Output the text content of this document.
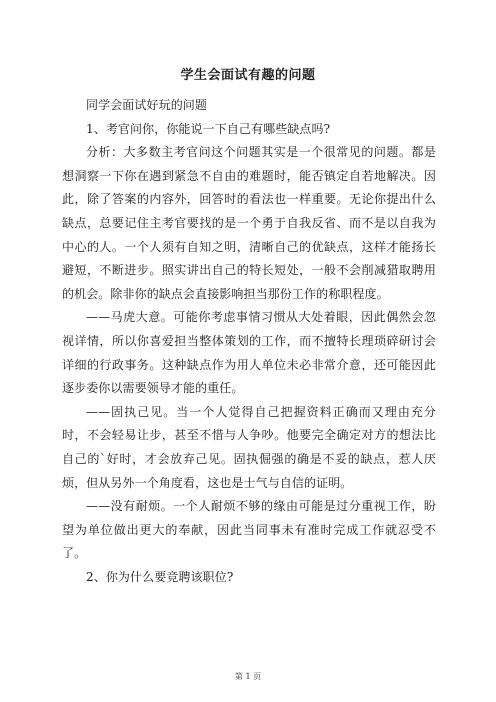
学生会面试有趣的问题

同学会面试好玩的问题

1、考官问你，你能说一下自己有哪些缺点吗?

分析：大多数主考官问这个问题其实是一个很常见的问题。都是想洞察一下你在遇到紧急不自由的难题时，能否镇定自若地解决。因此，除了答案的内容外，回答时的看法也一样重要。无论你提出什么缺点，总要记住主考官要找的是一个勇于自我反省、而不是以自我为中心的人。一个人须有自知之明，清晰自己的优缺点，这样才能扬长避短，不断进步。照实讲出自己的特长短处，一般不会削减猎取聘用的机会。除非你的缺点会直接影响担当那份工作的称职程度。

——马虎大意。可能你考虑事情习惯从大处着眼，因此偶然会忽视详情，所以你喜爱担当整体策划的工作，而不擅特长理琐碎研讨会详细的行政事务。这种缺点作为用人单位未必非常介意，还可能因此逐步委你以需要领导才能的重任。

——固执己见。当一个人觉得自己把握资料正确而又理由充分时，不会轻易让步，甚至不惜与人争吵。他要完全确定对方的想法比自己的`好时，才会放弃己见。固执倔强的确是不妥的缺点，惹人厌烦，但从另外一个角度看，这也是士气与自信的证明。

——没有耐烦。一个人耐烦不够的缘由可能是过分重视工作，盼望为单位做出更大的奉献，因此当同事未有准时完成工作就忍受不了。

2、你为什么要竞聘该职位?

第 1 页
